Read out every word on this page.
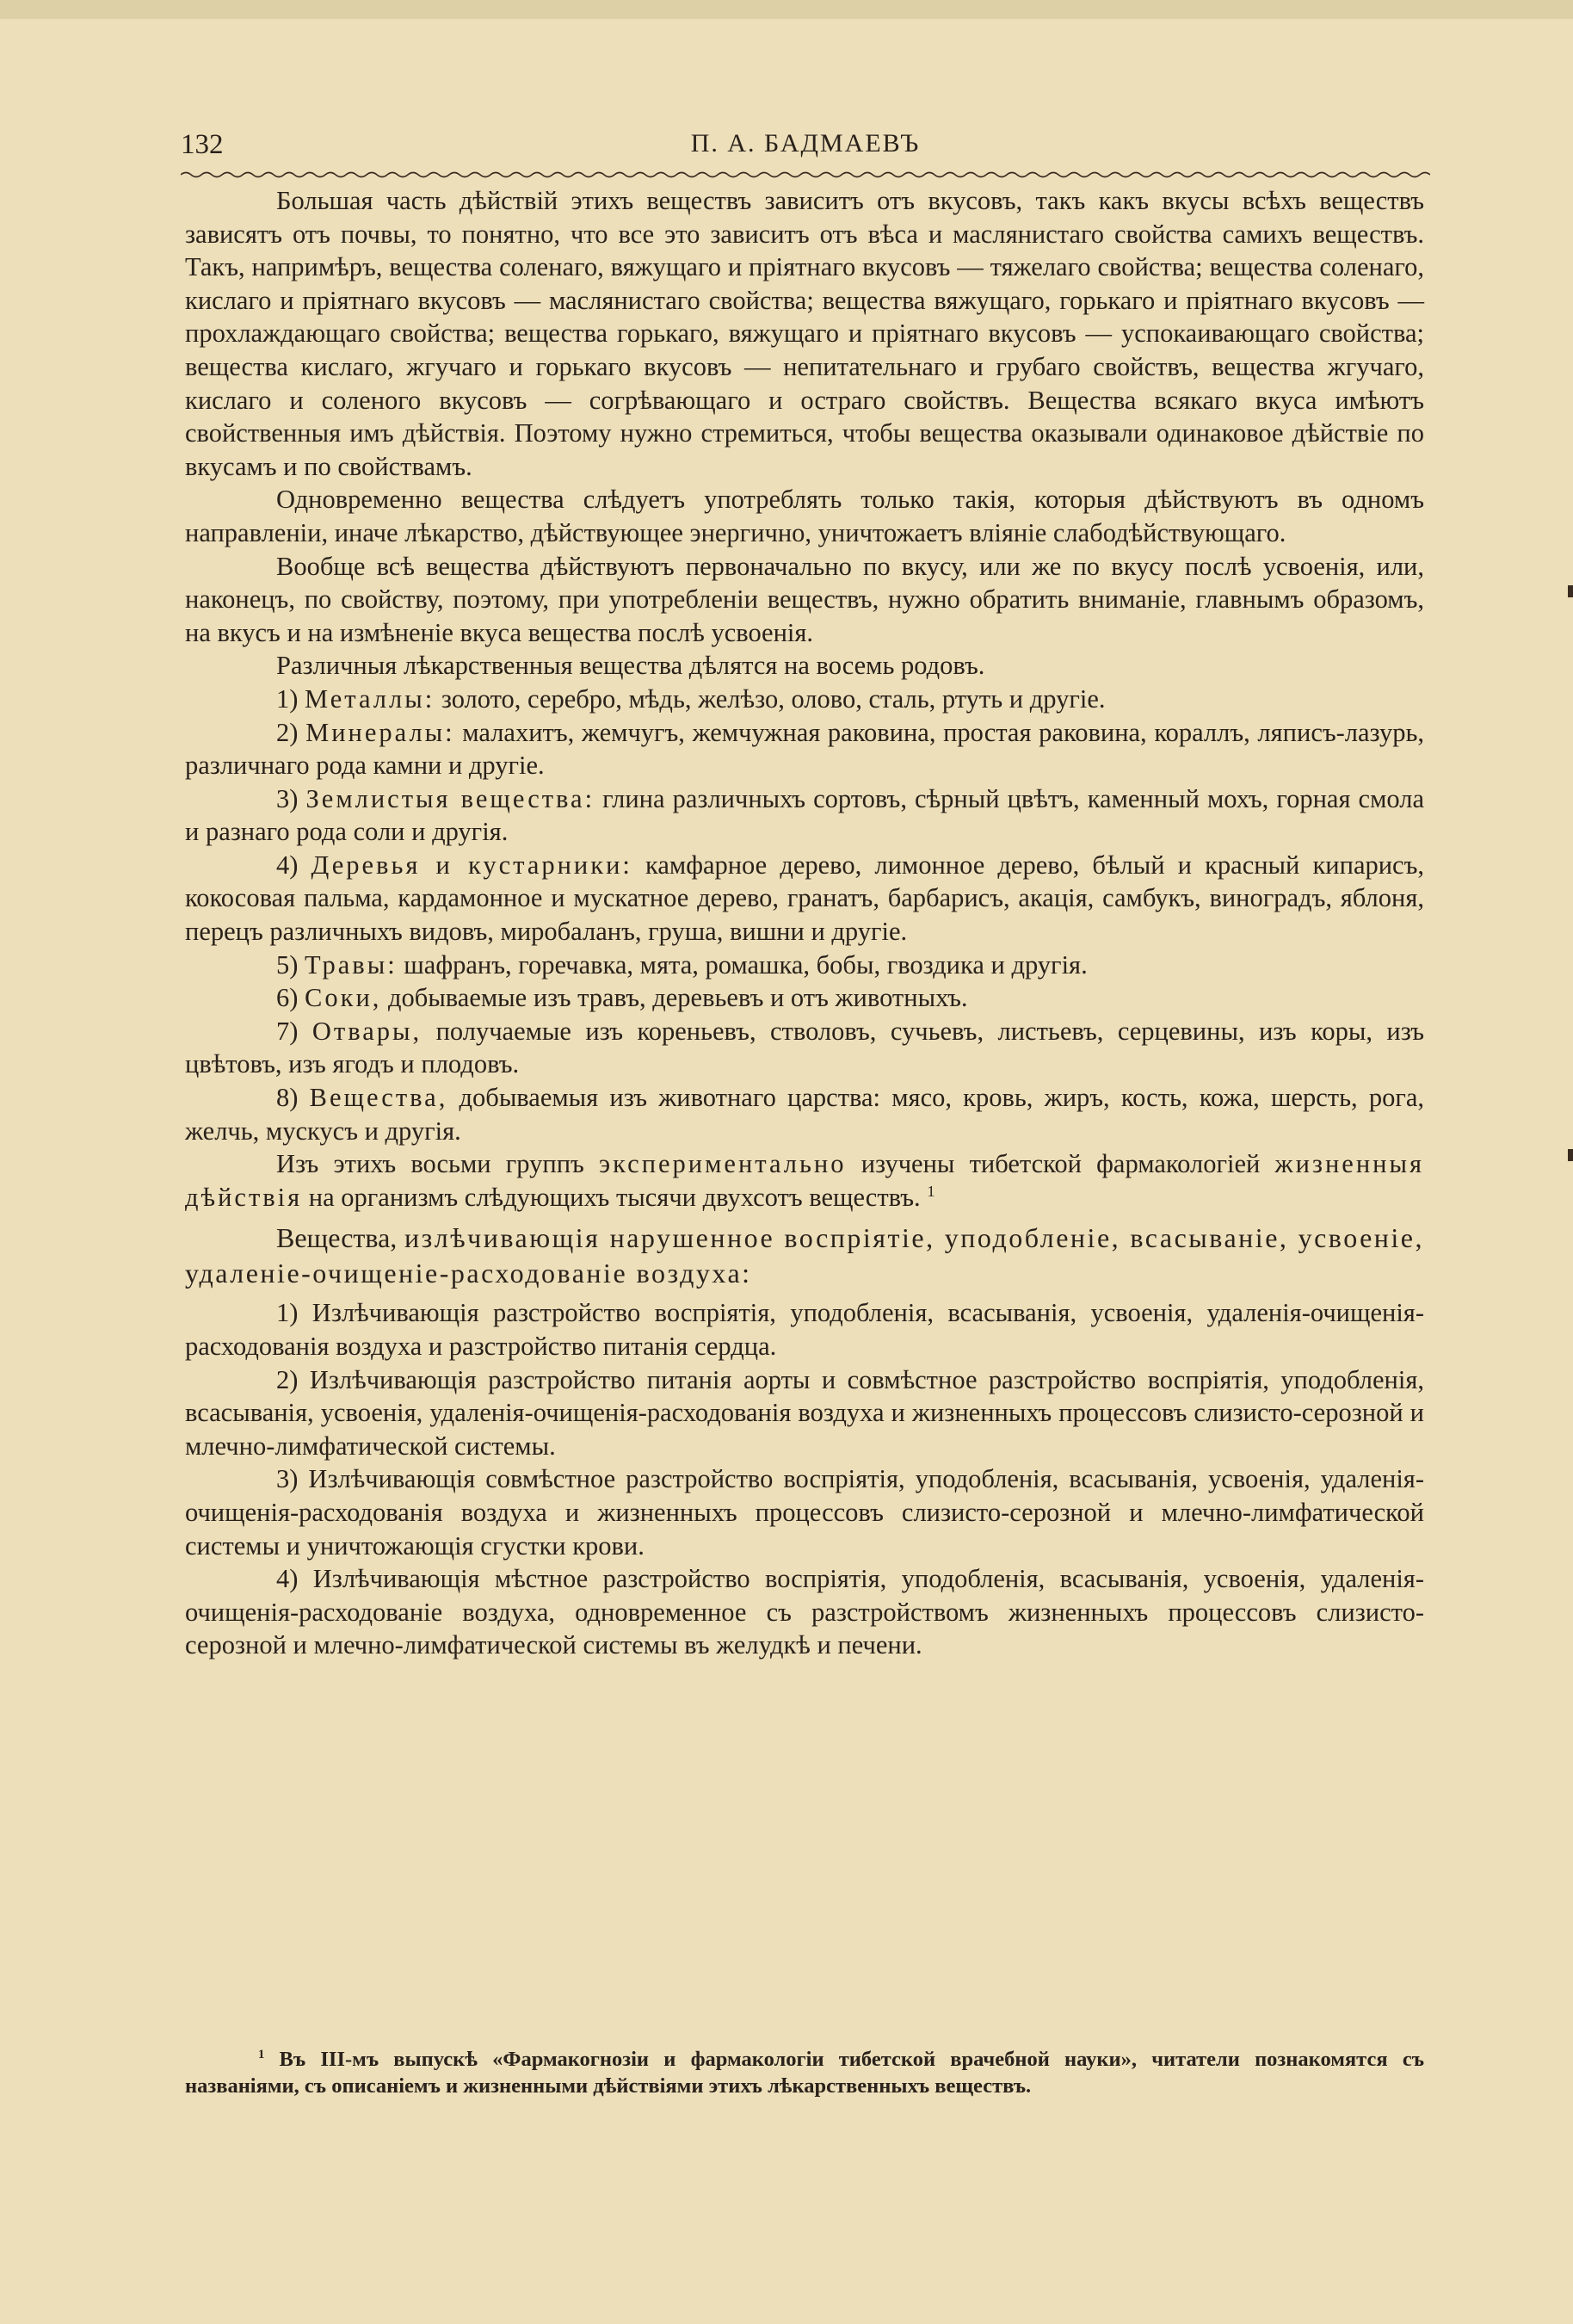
132	П. А. БАДМАЕВЪ

Большая часть дѣйствій этихъ веществъ зависитъ отъ вкусовъ, такъ какъ вкусы всѣхъ веществъ зависятъ отъ почвы, то понятно, что все это зависитъ отъ вѣса и маслянистаго свойства самихъ веществъ. Такъ, напримѣръ, вещества соленаго, вяжущаго и пріятнаго вкусовъ — тяжелаго свойства; вещества соленаго, кислаго и пріятнаго вкусовъ — маслянистаго свойства; вещества вяжущаго, горькаго и пріятнаго вкусовъ — прохлаждающаго свойства; вещества горькаго, вяжущаго и пріятнаго вкусовъ — успокаивающаго свойства; вещества кислаго, жгучаго и горькаго вкусовъ — непитательнаго и грубаго свойствъ, вещества жгучаго, кислаго и соленого вкусовъ — согрѣвающаго и остраго свойствъ. Вещества всякаго вкуса имѣютъ свойственныя имъ дѣйствія. Поэтому нужно стремиться, чтобы вещества оказывали одинаковое дѣйствіе по вкусамъ и по свойствамъ.

Одновременно вещества слѣдуетъ употреблять только такія, которыя дѣйствуютъ въ одномъ направленіи, иначе лѣкарство, дѣйствующее энергично, уничтожаетъ вліяніе слабодѣйствующаго.

Вообще всѣ вещества дѣйствуютъ первоначально по вкусу, или же по вкусу послѣ усвоенія, или, наконецъ, по свойству, поэтому, при употребленіи веществъ, нужно обратить вниманіе, главнымъ образомъ, на вкусъ и на измѣненіе вкуса вещества послѣ усвоенія.

Различныя лѣкарственныя вещества дѣлятся на восемь родовъ.

1) Металлы: золото, серебро, мѣдь, желѣзо, олово, сталь, ртуть и другіе.

2) Минералы: малахитъ, жемчугъ, жемчужная раковина, простая раковина, кораллъ, ляписъ-лазурь, различнаго рода камни и другіе.

3) Землистыя вещества: глина различныхъ сортовъ, сѣрный цвѣтъ, каменный мохъ, горная смола и разнаго рода соли и другія.

4) Деревья и кустарники: камфарное дерево, лимонное дерево, бѣлый и красный кипарисъ, кокосовая пальма, кардамонное и мускатное дерево, гранатъ, барбарисъ, акація, самбукъ, виноградъ, яблоня, перецъ различныхъ видовъ, миробаланъ, груша, вишни и другіе.

5) Травы: шафранъ, горечавка, мята, ромашка, бобы, гвоздика и другія.

6) Соки, добываемые изъ травъ, деревьевъ и отъ животныхъ.

7) Отвары, получаемые изъ кореньевъ, стволовъ, сучьевъ, листьевъ, серцевины, изъ коры, изъ цвѣтовъ, изъ ягодъ и плодовъ.

8) Вещества, добываемыя изъ животнаго царства: мясо, кровь, жиръ, кость, кожа, шерсть, рога, желчь, мускусъ и другія.

Изъ этихъ восьми группъ экспериментально изучены тибетской фармакологіей жизненныя дѣйствія на организмъ слѣдующихъ тысячи двухсотъ веществъ. $^1$

Вещества, излѣчивающія нарушенное воспріятіе, уподобленіе, всасываніе, усвоеніе, удаленіе-очищеніе-расходованіе воздуха:

1) Излѣчивающія разстройство воспріятія, уподобленія, всасыванія, усвоенія, удаленія-очищенія-расходованія воздуха и разстройство питанія сердца.

2) Излѣчивающія разстройство питанія аорты и совмѣстное разстройство воспріятія, уподобленія, всасыванія, усвоенія, удаленія-очищенія-расходованія воздуха и жизненныхъ процессовъ слизисто-серозной и млечно-лимфатической системы.

3) Излѣчивающія совмѣстное разстройство воспріятія, уподобленія, всасыванія, усвоенія, удаленія-очищенія-расходованія воздуха и жизненныхъ процессовъ слизисто-серозной и млечно-лимфатической системы и уничтожающія сгустки крови.

4) Излѣчивающія мѣстное разстройство воспріятія, уподобленія, всасыванія, усвоенія, удаленія-очищенія-расходованіе воздуха, одновременное съ разстройствомъ жизненныхъ процессовъ слизисто-серозной и млечно-лимфатической системы въ желудкѣ и печени.

$^1$ Въ III-мъ выпускѣ «Фармакогнозіи и фармакологіи тибетской врачебной науки», читатели познакомятся съ названіями, съ описаніемъ и жизненными дѣйствіями этихъ лѣкарственныхъ веществъ.
